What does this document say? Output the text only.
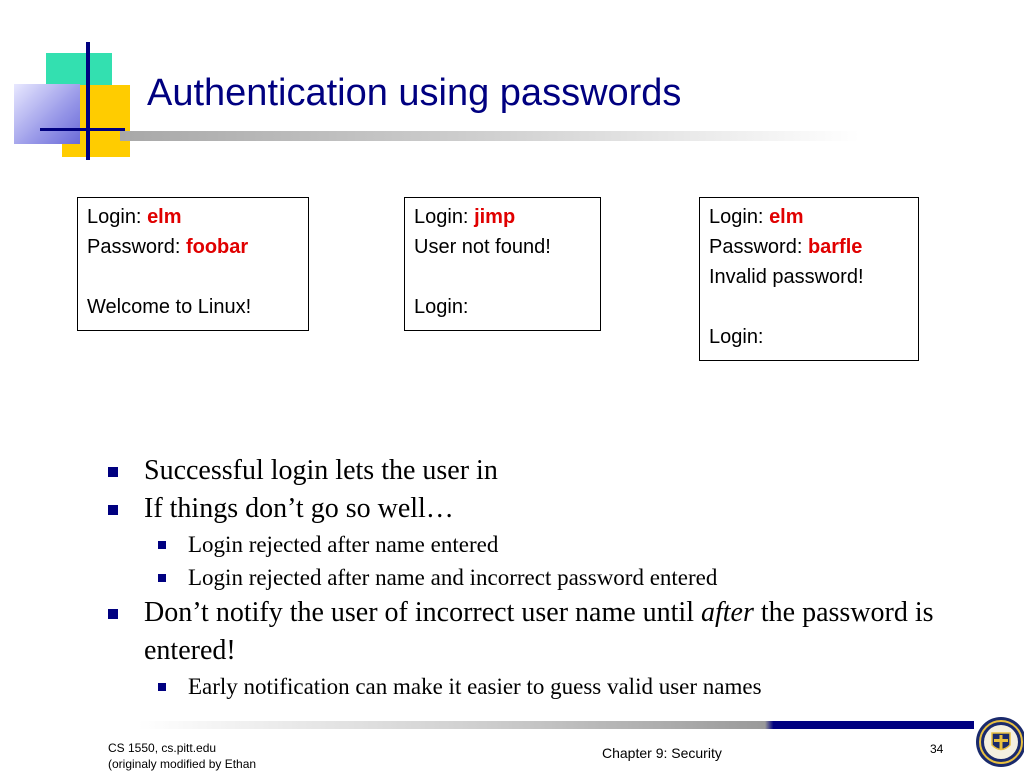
Authentication using passwords
Login: elm
Password: foobar
Welcome to Linux!
Login: jimp
User not found!
Login:
Login: elm
Password: barfle
Invalid password!
Login:
Successful login lets the user in
If things don’t go so well…
Login rejected after name entered
Login rejected after name and incorrect password entered
Don’t notify the user of incorrect user name until after the password is entered!
Early notification can make it easier to guess valid user names
CS 1550, cs.pitt.edu
(originaly modified by Ethan
Chapter 9: Security	34
